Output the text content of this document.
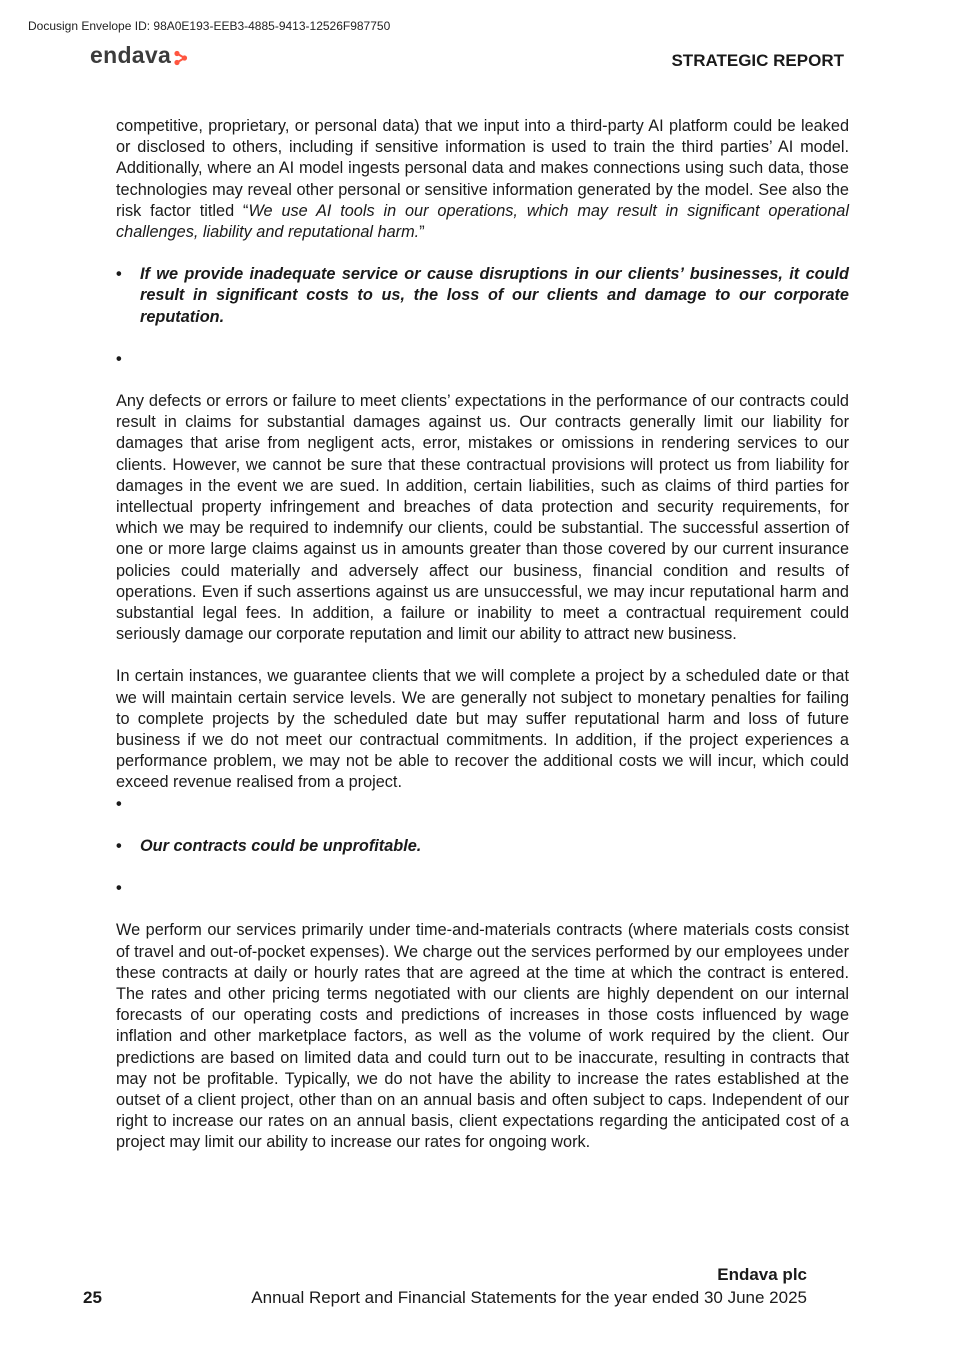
Docusign Envelope ID: 98A0E193-EEB3-4885-9413-12526F987750
endava	STRATEGIC REPORT

competitive, proprietary, or personal data) that we input into a third-party AI platform could be leaked or disclosed to others, including if sensitive information is used to train the third parties’ AI model. Additionally, where an AI model ingests personal data and makes connections using such data, those technologies may reveal other personal or sensitive information generated by the model. See also the risk factor titled “We use AI tools in our operations, which may result in significant operational challenges, liability and reputational harm.”

•	If we provide inadequate service or cause disruptions in our clients’ businesses, it could result in significant costs to us, the loss of our clients and damage to our corporate reputation.
•

Any defects or errors or failure to meet clients’ expectations in the performance of our contracts could result in claims for substantial damages against us. Our contracts generally limit our liability for damages that arise from negligent acts, error, mistakes or omissions in rendering services to our clients. However, we cannot be sure that these contractual provisions will protect us from liability for damages in the event we are sued. In addition, certain liabilities, such as claims of third parties for intellectual property infringement and breaches of data protection and security requirements, for which we may be required to indemnify our clients, could be substantial. The successful assertion of one or more large claims against us in amounts greater than those covered by our current insurance policies could materially and adversely affect our business, financial condition and results of operations. Even if such assertions against us are unsuccessful, we may incur reputational harm and substantial legal fees. In addition, a failure or inability to meet a contractual requirement could seriously damage our corporate reputation and limit our ability to attract new business.

In certain instances, we guarantee clients that we will complete a project by a scheduled date or that we will maintain certain service levels. We are generally not subject to monetary penalties for failing to complete projects by the scheduled date but may suffer reputational harm and loss of future business if we do not meet our contractual commitments. In addition, if the project experiences a performance problem, we may not be able to recover the additional costs we will incur, which could exceed revenue realised from a project.

•
•	Our contracts could be unprofitable.
•

We perform our services primarily under time-and-materials contracts (where materials costs consist of travel and out-of-pocket expenses). We charge out the services performed by our employees under these contracts at daily or hourly rates that are agreed at the time at which the contract is entered. The rates and other pricing terms negotiated with our clients are highly dependent on our internal forecasts of our operating costs and predictions of increases in those costs influenced by wage inflation and other marketplace factors, as well as the volume of work required by the client. Our predictions are based on limited data and could turn out to be inaccurate, resulting in contracts that may not be profitable. Typically, we do not have the ability to increase the rates established at the outset of a client project, other than on an annual basis and often subject to caps. Independent of our right to increase our rates on an annual basis, client expectations regarding the anticipated cost of a project may limit our ability to increase our rates for ongoing work.

Endava plc
25	Annual Report and Financial Statements for the year ended 30 June 2025
